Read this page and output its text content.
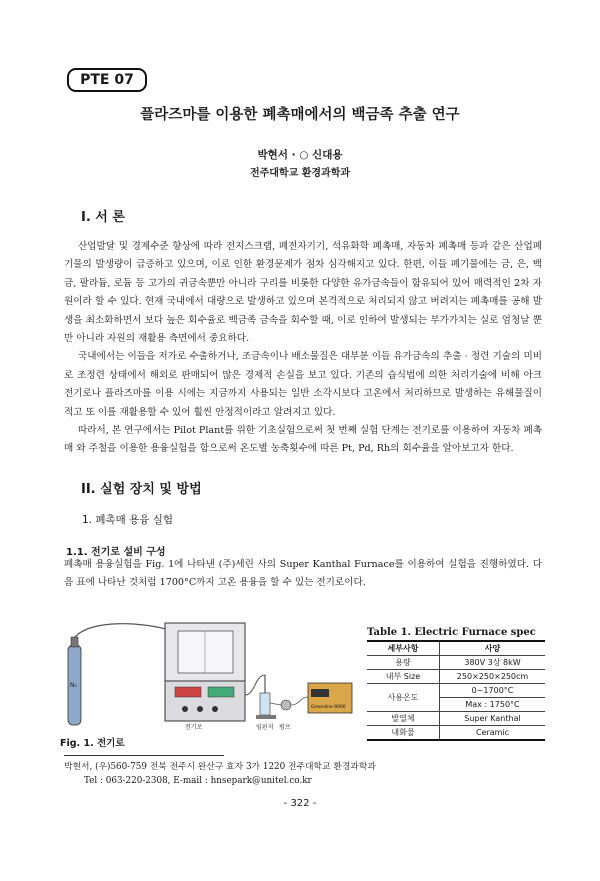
PTE 07
플라즈마를 이용한 폐촉매에서의 백금족 추출 연구
박현서 · ○ 신대용
전주대학교 환경과학과
I. 서 론

산업발달 및 경제수준 향상에 따라 전지스크랩, 폐전자기기, 석유화학 폐촉매, 자동차 폐촉매 등과 같은 산업폐기물의 발생량이 급증하고 있으며, 이로 인한 환경문제가 점차 심각해지고 있다. 한편, 이들 폐기물에는 금, 은, 백금, 팔라듐, 로듐 등 고가의 귀금속뿐만 아니라 구리를 비롯한 다양한 유가금속들이 함유되어 있어 매력적인 2차 자원이라 할 수 있다. 현재 국내에서 대량으로 발생하고 있으며 본격적으로 처리되지 않고 버려지는 폐촉매를 공해 발생을 최소화하면서 보다 높은 회수율로 백금족 금속을 회수할 때, 이로 인하여 발생되는 부가가치는 실로 엄청날 뿐만 아니라 자원의 재활용 측면에서 중요하다.

국내에서는 이들을 저가로 수출하거나, 조금속이나 배소물질은 대부분 이들 유가금속의 추출 · 정련 기술의 미비로 조정련 상태에서 해외로 판매되어 많은 경제적 손실을 보고 있다. 기존의 습식법에 의한 처리기술에 비해 아크 전기로나 플라즈마를 이용 시에는 지금까지 사용되는 일반 소각시보다 고온에서 처리하므로 발생하는 유해물질이 적고 또 이를 재활용할 수 있어 훨씬 안정적이라고 알려지고 있다.

따라서, 본 연구에서는 Pilot Plant를 위한 기초실험으로써 첫 번째 실험 단계는 전기로를 이용하여 자동차 폐촉매 와 주철을 이용한 용융실험을 함으로써 온도별 농축횟수에 따른 Pt, Pd, Rh의 회수율을 알아보고자 한다.

II. 실험 장치 및 방법
1. 폐촉매 용융 실험
1.1. 전기로 설비 구성

폐촉매 용융실험을 Fig. 1에 나타낸 (주)세린 사의 Super Kanthal Furnace를 이용하여 실험을 진행하였다. 다음 표에 나타난 것처럼 1700°C까지 고온 용융을 할 수 있는 전기로이다.

N₂
전기로	임핀저 펌프
Greenline 9000
Fig. 1. 전기로
Table 1. Electric Furnace spec
세부사항	사양
용량	380V 3상 8kW
내부 Size	250×250×250cm
사용온도	0~1700°C
	Max : 1750°C
발열체	Super Kanthal
내화물	Ceramic
박현서, (우)560-759 전북 전주시 완산구 효자 3가 1220 전주대학교 환경과학과
Tel : 063-220-2308, E-mail : hnsepark@unitel.co.kr
- 322 -
